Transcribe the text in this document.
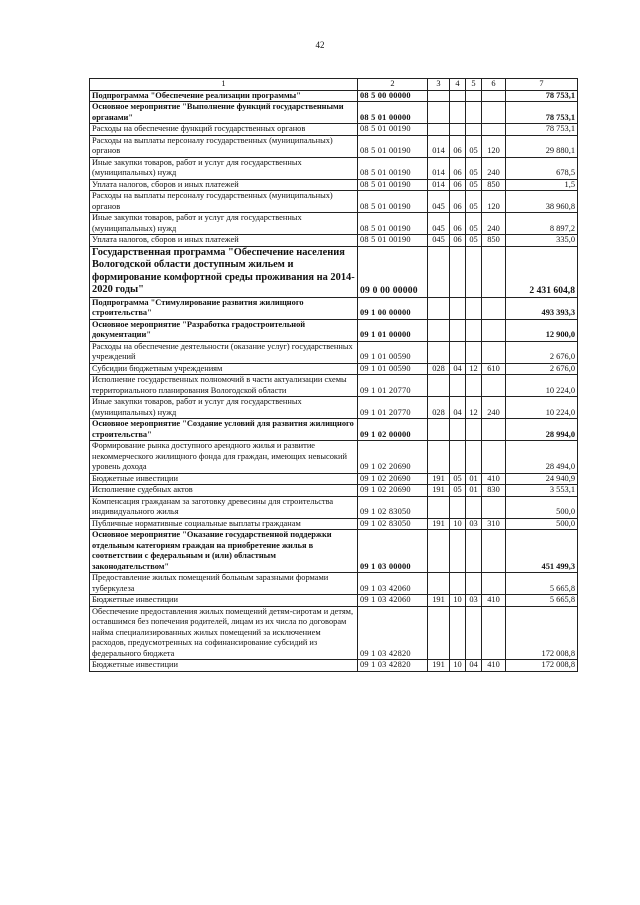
42
1	2	3	4	5	6	7
Подпрограмма "Обеспечение реализации программы"	08 5 00 00000					78 753,1
Основное мероприятие "Выполнение функций государственными органами"	08 5 01 00000					78 753,1
Расходы на обеспечение функций государственных органов	08 5 01 00190					78 753,1
Расходы на выплаты персоналу государственных (муниципальных) органов	08 5 01 00190	014	06	05	120	29 880,1
Иные закупки товаров, работ и услуг для государственных (муниципальных) нужд	08 5 01 00190	014	06	05	240	678,5
Уплата налогов, сборов и иных платежей	08 5 01 00190	014	06	05	850	1,5
Расходы на выплаты персоналу государственных (муниципальных) органов	08 5 01 00190	045	06	05	120	38 960,8
Иные закупки товаров, работ и услуг для государственных (муниципальных) нужд	08 5 01 00190	045	06	05	240	8 897,2
Уплата налогов, сборов и иных платежей	08 5 01 00190	045	06	05	850	335,0
Государственная программа "Обеспечение населения Вологодской области доступным жильем и формирование комфортной среды проживания на 2014-2020 годы"	09 0 00 00000					2 431 604,8
Подпрограмма "Стимулирование развития жилищного строительства"	09 1 00 00000					493 393,3
Основное мероприятие "Разработка градостроительной документации"	09 1 01 00000					12 900,0
Расходы на обеспечение деятельности (оказание услуг) государственных учреждений	09 1 01 00590					2 676,0
Субсидии бюджетным учреждениям	09 1 01 00590	028	04	12	610	2 676,0
Исполнение государственных полномочий в части актуализации схемы территориального планирования Вологодской области	09 1 01 20770					10 224,0
Иные закупки товаров, работ и услуг для государственных (муниципальных) нужд	09 1 01 20770	028	04	12	240	10 224,0
Основное мероприятие "Создание условий для развития жилищного строительства"	09 1 02 00000					28 994,0
Формирование рынка доступного арендного жилья и развитие некоммерческого жилищного фонда для граждан, имеющих невысокий уровень дохода	09 1 02 20690					28 494,0
Бюджетные инвестиции	09 1 02 20690	191	05	01	410	24 940,9
Исполнение судебных актов	09 1 02 20690	191	05	01	830	3 553,1
Компенсация гражданам за заготовку древесины для строительства индивидуального жилья	09 1 02 83050					500,0
Публичные нормативные социальные выплаты гражданам	09 1 02 83050	191	10	03	310	500,0
Основное мероприятие "Оказание государственной поддержки отдельным категориям граждан на приобретение жилья в соответствии с федеральным и (или) областным законодательством"	09 1 03 00000					451 499,3
Предоставление жилых помещений больным заразными формами туберкулеза	09 1 03 42060					5 665,8
Бюджетные инвестиции	09 1 03 42060	191	10	03	410	5 665,8
Обеспечение предоставления жилых помещений детям-сиротам и детям, оставшимся без попечения родителей, лицам из их числа по договорам найма специализированных жилых помещений за исключением расходов, предусмотренных на софинансирование субсидий из федерального бюджета	09 1 03 42820					172 008,8
Бюджетные инвестиции	09 1 03 42820	191	10	04	410	172 008,8
